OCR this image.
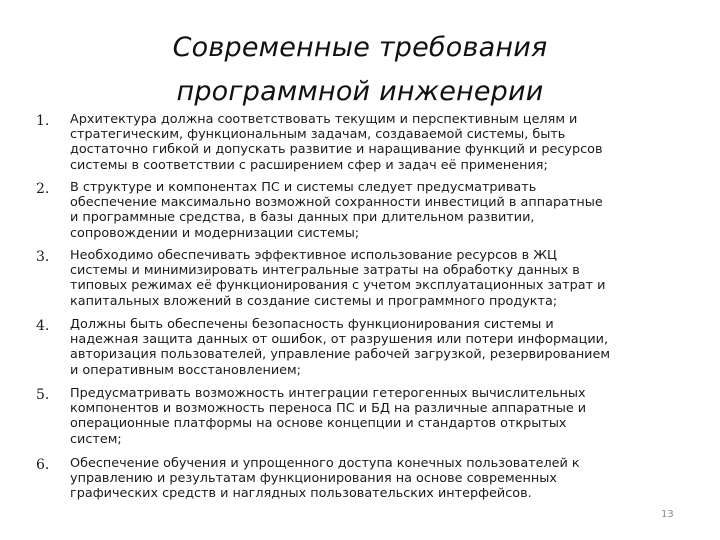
Современные требования
программной инженерии
1. Архитектура должна соответствовать текущим и перспективным целям и
стратегическим, функциональным задачам, создаваемой системы, быть
достаточно гибкой и допускать развитие и наращивание функций и ресурсов
системы в соответствии с расширением сфер и задач её применения;
2. В структуре и компонентах ПС и системы следует предусматривать
обеспечение максимально возможной сохранности инвестиций в аппаратные
и программные средства, в базы данных при длительном развитии,
сопровождении и модернизации системы;
3. Необходимо обеспечивать эффективное использование ресурсов в ЖЦ
системы и минимизировать интегральные затраты на обработку данных в
типовых режимах её функционирования с учетом эксплуатационных затрат и
капитальных вложений в создание системы и программного продукта;
4. Должны быть обеспечены безопасность функционирования системы и
надежная защита данных от ошибок, от разрушения или потери информации,
авторизация пользователей, управление рабочей загрузкой, резервированием
и оперативным восстановлением;
5. Предусматривать возможность интеграции гетерогенных вычислительных
компонентов и возможность переноса ПС и БД на различные аппаратные и
операционные платформы на основе концепции и стандартов открытых
систем;
6. Обеспечение обучения и упрощенного доступа конечных пользователей к
управлению и результатам функционирования на основе современных
графических средств и наглядных пользовательских интерфейсов.
13
